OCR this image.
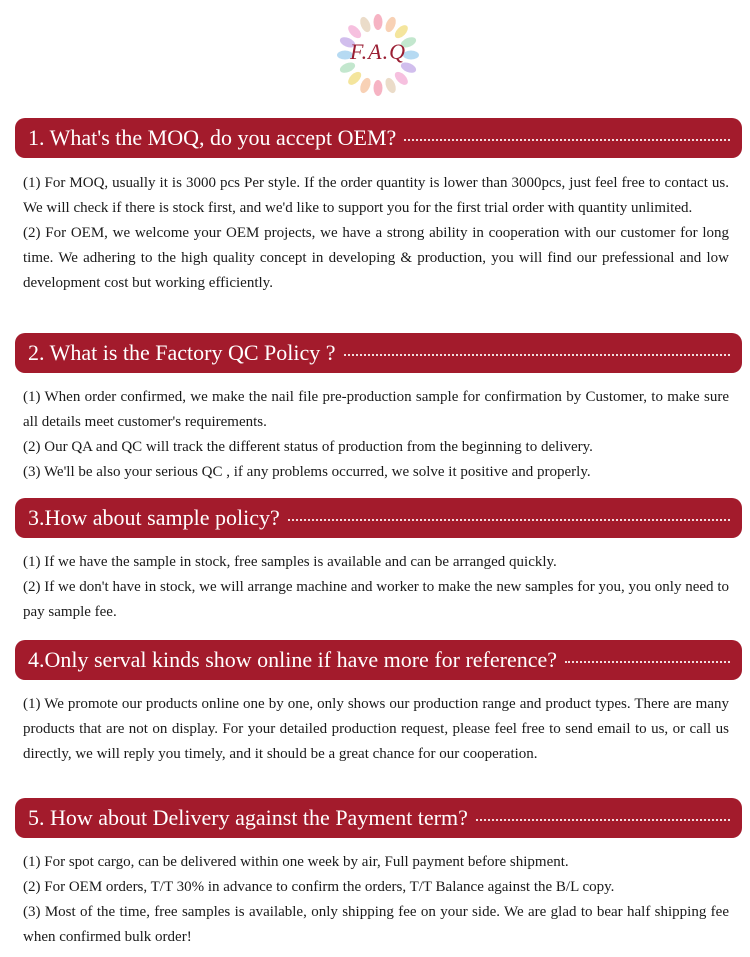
F.A.Q
1. What's the MOQ, do you accept OEM?

(1) For MOQ, usually it is 3000 pcs Per style. If the order quantity is lower than 3000pcs, just feel free to contact us. We will check if there is stock first, and we'd like to support you for the first trial order with quantity unlimited.

(2) For OEM, we welcome your OEM projects, we have a strong ability in cooperation with our customer for long time. We adhering to the high quality concept in developing & production, you will find our prefessional and low development cost but working efficiently.

2. What is the Factory QC Policy ?

(1) When order confirmed, we make the nail file pre-production sample for confirmation by Customer, to make sure all details meet customer's requirements.

(2) Our QA and QC will track the different status of production from the beginning to delivery.

(3) We'll be also your serious QC , if any problems occurred, we solve it positive and properly.

3.How about sample policy?

(1) If we have the sample in stock, free samples is available and can be arranged quickly.

(2) If we don't have in stock, we will arrange machine and worker to make the new samples for you, you only need to pay sample fee.

4.Only serval kinds show online if have more for reference?

(1) We promote our products online one by one, only shows our production range and product types. There are many products that are not on display. For your detailed production request, please feel free to send email to us, or call us directly, we will reply you timely, and it should be a great chance for our cooperation.

5. How about Delivery against the Payment term?

(1) For spot cargo, can be delivered within one week by air, Full payment before shipment.

(2) For OEM orders, T/T 30% in advance to confirm the orders, T/T Balance against the B/L copy.

(3) Most of the time, free samples is available, only shipping fee on your side. We are glad to bear half shipping fee when confirmed bulk order!
